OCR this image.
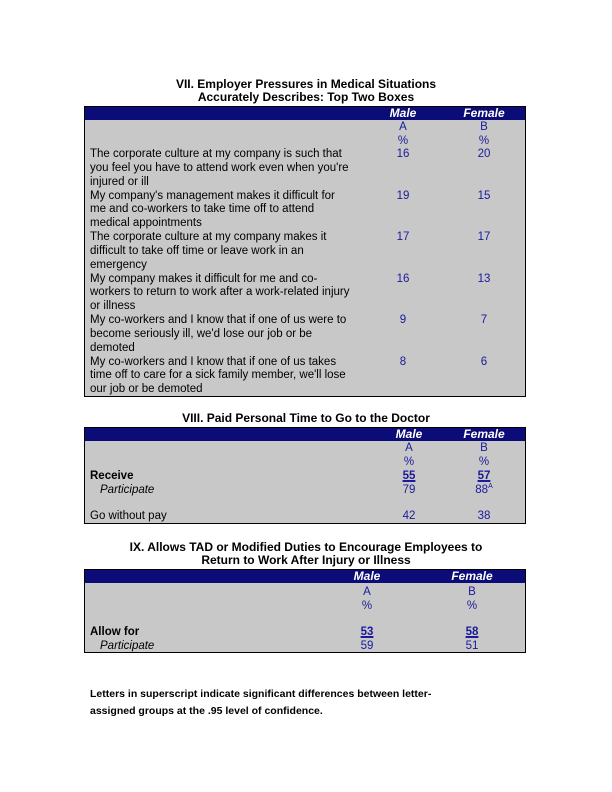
VII. Employer Pressures in Medical Situations
Accurately Describes: Top Two Boxes
Male	Female
A	B
%	%
The corporate culture at my company is such that
you feel you have to attend work even when you're
injured or ill
16	20
My company's management makes it difficult for
me and co-workers to take time off to attend
medical appointments
19	15
The corporate culture at my company makes it
difficult to take off time or leave work in an
emergency
17	17
My company makes it difficult for me and co-
workers to return to work after a work-related injury
or illness
16	13
My co-workers and I know that if one of us were to
become seriously ill, we'd lose our job or be
demoted
9	7
My co-workers and I know that if one of us takes
time off to care for a sick family member, we'll lose
our job or be demoted
8	6
VIII. Paid Personal Time to Go to the Doctor
Male	Female
A	B
%	%
Receive	55	57
Participate	79	$88^A$
Go without pay	42	38
IX. Allows TAD or Modified Duties to Encourage Employees to
Return to Work After Injury or Illness
Male	Female
A	B
%	%
Allow for	53	58
Participate	59	51
Letters in superscript indicate significant differences between letter-
assigned groups at the .95 level of confidence.
